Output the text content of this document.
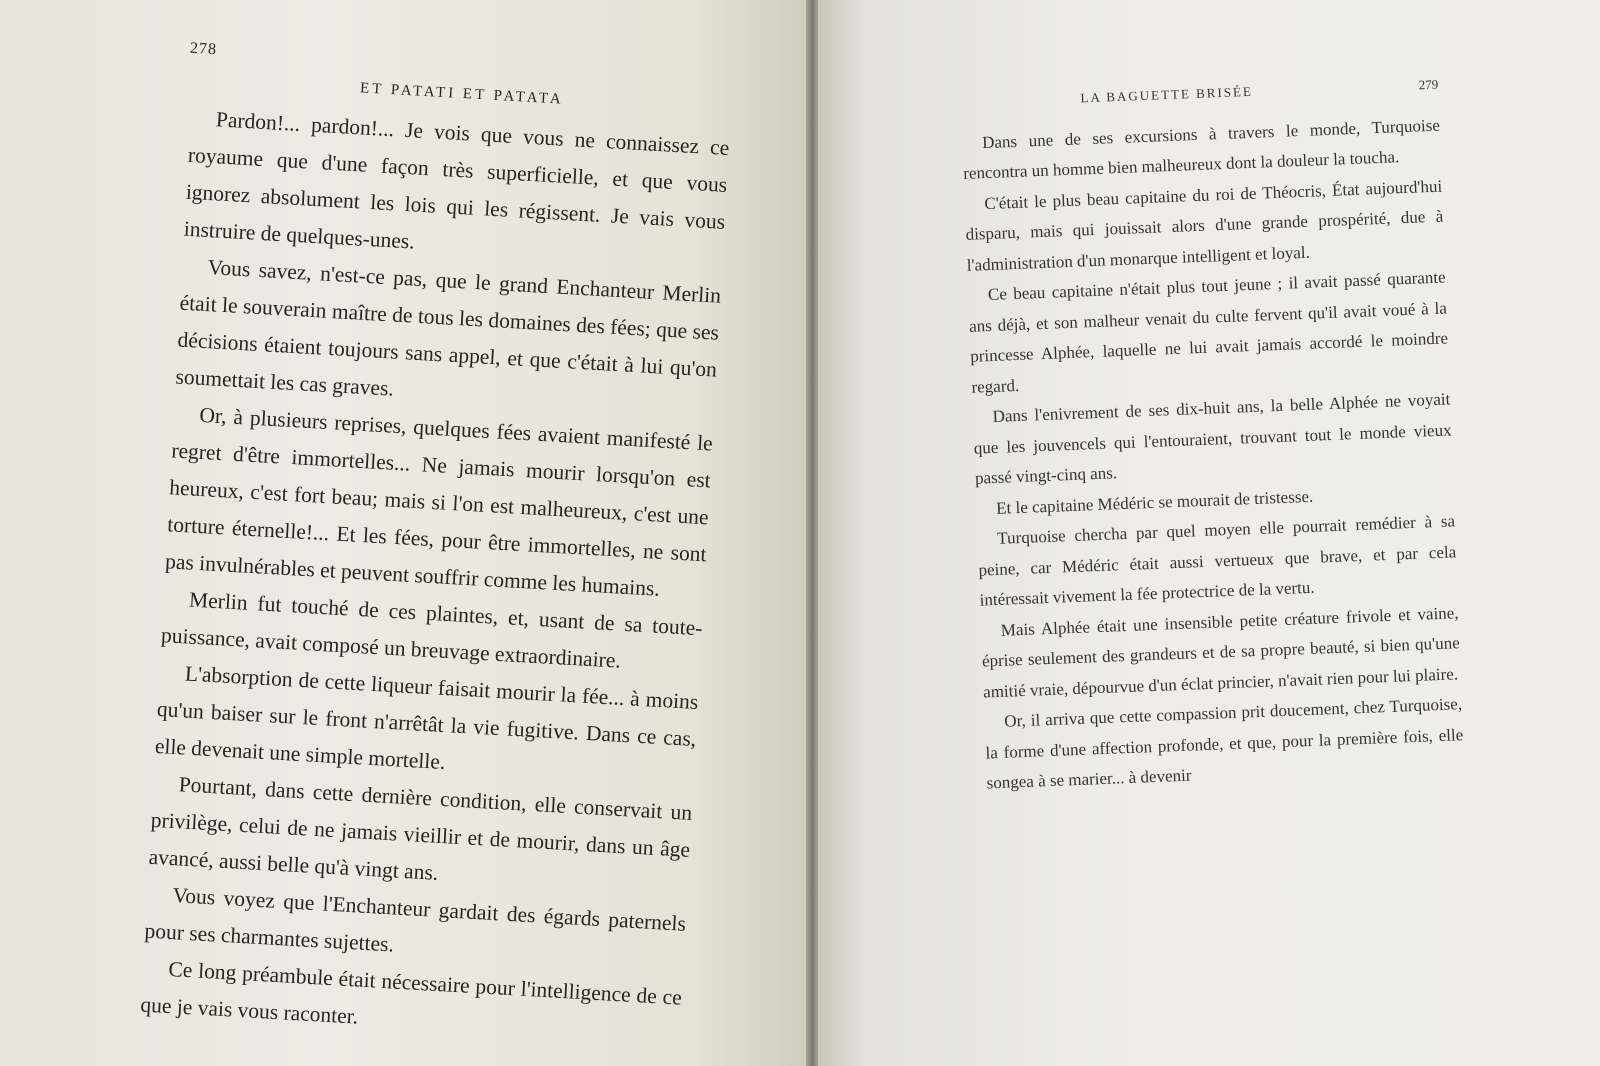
278

ET PATATI ET PATATA

Pardon!... pardon!... Je vois que vous ne connaissez ce royaume que d'une façon très superficielle, et que vous ignorez absolument les lois qui les régissent. Je vais vous instruire de quelques-unes.

Vous savez, n'est-ce pas, que le grand Enchanteur Merlin était le souverain maître de tous les domaines des fées; que ses décisions étaient toujours sans appel, et que c'était à lui qu'on soumettait les cas graves.

Or, à plusieurs reprises, quelques fées avaient manifesté le regret d'être immortelles... Ne jamais mourir lorsqu'on est heureux, c'est fort beau; mais si l'on est malheureux, c'est une torture éternelle!... Et les fées, pour être immortelles, ne sont pas invulnérables et peuvent souffrir comme les humains.

Merlin fut touché de ces plaintes, et, usant de sa toute-puissance, avait composé un breuvage extraordinaire.

L'absorption de cette liqueur faisait mourir la fée... à moins qu'un baiser sur le front n'arrêtât la vie fugitive. Dans ce cas, elle devenait une simple mortelle.

Pourtant, dans cette dernière condition, elle conservait un privilège, celui de ne jamais vieillir et de mourir, dans un âge avancé, aussi belle qu'à vingt ans.

Vous voyez que l'Enchanteur gardait des égards paternels pour ses charmantes sujettes.

Ce long préambule était nécessaire pour l'intelligence de ce que je vais vous raconter.

LA BAGUETTE BRISÉE	279

Dans une de ses excursions à travers le monde, Turquoise rencontra un homme bien malheureux dont la douleur la toucha.

C'était le plus beau capitaine du roi de Théocris, État aujourd'hui disparu, mais qui jouissait alors d'une grande prospérité, due à l'administration d'un monarque intelligent et loyal.

Ce beau capitaine n'était plus tout jeune ; il avait passé quarante ans déjà, et son malheur venait du culte fervent qu'il avait voué à la princesse Alphée, laquelle ne lui avait jamais accordé le moindre regard.

Dans l'enivrement de ses dix-huit ans, la belle Alphée ne voyait que les jouvencels qui l'entouraient, trouvant tout le monde vieux passé vingt-cinq ans.

Et le capitaine Médéric se mourait de tristesse.

Turquoise chercha par quel moyen elle pourrait remédier à sa peine, car Médéric était aussi vertueux que brave, et par cela intéressait vivement la fée protectrice de la vertu.

Mais Alphée était une insensible petite créature frivole et vaine, éprise seulement des grandeurs et de sa propre beauté, si bien qu'une amitié vraie, dépourvue d'un éclat princier, n'avait rien pour lui plaire.

Or, il arriva que cette compassion prit doucement, chez Turquoise, la forme d'une affection profonde, et que, pour la première fois, elle songea à se marier... à devenir
